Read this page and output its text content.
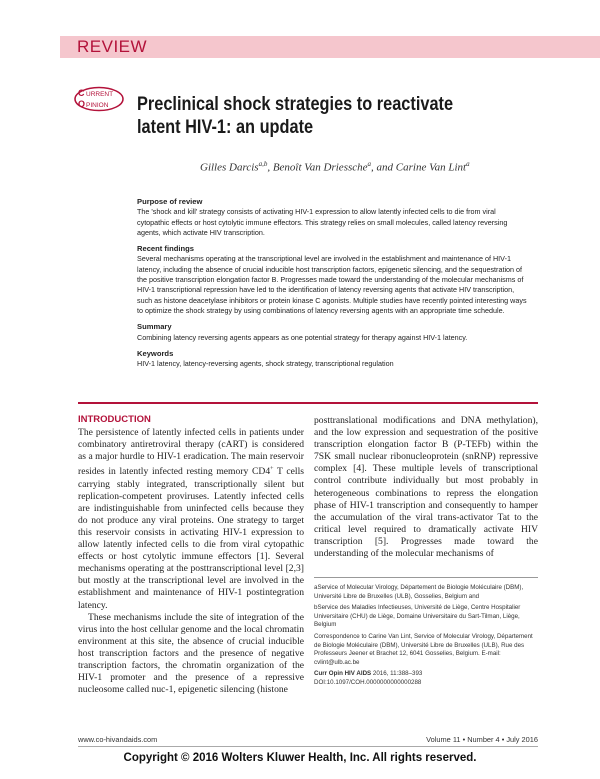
REVIEW
C URRENT
O PINION Preclinical shock strategies to reactivate latent HIV-1: an update
Gilles Darcis$^{a,b}$, Benoît Van Driessche$^a$, and Carine Van Lint$^a$
Purpose of review

The 'shock and kill' strategy consists of activating HIV-1 expression to allow latently infected cells to die from viral cytopathic effects or host cytolytic immune effectors. This strategy relies on small molecules, called latency reversing agents, which activate HIV transcription.

Recent findings

Several mechanisms operating at the transcriptional level are involved in the establishment and maintenance of HIV-1 latency, including the absence of crucial inducible host transcription factors, epigenetic silencing, and the sequestration of the positive transcription elongation factor B. Progresses made toward the understanding of the molecular mechanisms of HIV-1 transcriptional repression have led to the identification of latency reversing agents that activate HIV transcription, such as histone deacetylase inhibitors or protein kinase C agonists. Multiple studies have recently pointed interesting ways to optimize the shock strategy by using combinations of latency reversing agents with an appropriate time schedule.

Summary

Combining latency reversing agents appears as one potential strategy for therapy against HIV-1 latency.

Keywords

HIV-1 latency, latency-reversing agents, shock strategy, transcriptional regulation

INTRODUCTION

The persistence of latently infected cells in patients under combinatory antiretroviral therapy (cART) is considered as a major hurdle to HIV-1 eradication. The main reservoir resides in latently infected resting memory CD4+ T cells carrying stably integrated, transcriptionally silent but replication-competent proviruses. Latently infected cells are indistinguishable from uninfected cells because they do not produce any viral proteins. One strategy to target this reservoir consists in activating HIV-1 expression to allow latently infected cells to die from viral cytopathic effects or host cytolytic immune effectors [1]. Several mechanisms operating at the posttranscriptional level [2,3] but mostly at the transcriptional level are involved in the establishment and maintenance of HIV-1 postintegration latency.

These mechanisms include the site of integration of the virus into the host cellular genome and the local chromatin environment at this site, the absence of crucial inducible host transcription factors and the presence of negative transcription factors, the chromatin organization of the HIV-1 promoter and the presence of a repressive nucleosome called nuc-1, epigenetic silencing (histone

posttranslational modifications and DNA methylation), and the low expression and sequestration of the positive transcription elongation factor B (P-TEFb) within the 7SK small nuclear ribonucleoprotein (snRNP) repressive complex [4]. These multiple levels of transcriptional control contribute individually but most probably in heterogeneous combinations to repress the elongation phase of HIV-1 transcription and consequently to hamper the accumulation of the viral trans-activator Tat to the critical level required to dramatically activate HIV transcription [5]. Progresses made toward the understanding of the molecular mechanisms of

aService of Molecular Virology, Département de Biologie Moléculaire (DBM), Université Libre de Bruxelles (ULB), Gosselies, Belgium and

bService des Maladies Infectieuses, Université de Liège, Centre Hospitalier Universitaire (CHU) de Liège, Domaine Universitaire du Sart-Tilman, Liège, Belgium

Correspondence to Carine Van Lint, Service of Molecular Virology, Département de Biologie Moléculaire (DBM), Université Libre de Bruxelles (ULB), Rue des Professeurs Jeener et Brachet 12, 6041 Gosselies, Belgium. E-mail: cvlint@ulb.ac.be

Curr Opin HIV AIDS 2016, 11:388–393

DOI:10.1097/COH.0000000000000288

www.co-hivandaids.com	Volume 11 • Number 4 • July 2016
Copyright © 2016 Wolters Kluwer Health, Inc. All rights reserved.
